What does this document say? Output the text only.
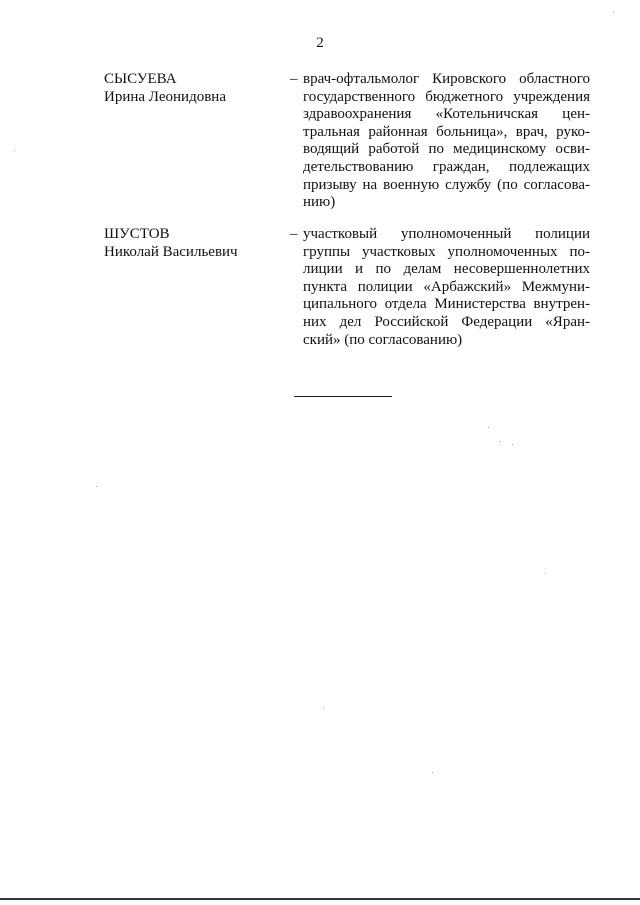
2
СЫСУЕВА
Ирина Леонидовна
– врач-офтальмолог Кировского областного
государственного бюджетного учреждения
здравоохранения «Котельничская цен-
тральная районная больница», врач, руко-
водящий работой по медицинскому осви-
детельствованию граждан, подлежащих
призыву на военную службу (по согласова-
нию)
ШУСТОВ
Николай Васильевич
– участковый уполномоченный полиции
группы участковых уполномоченных по-
лиции и по делам несовершеннолетних
пункта полиции «Арбажский» Межмуни-
ципального отдела Министерства внутрен-
них дел Российской Федерации «Яран-
ский» (по согласованию)
